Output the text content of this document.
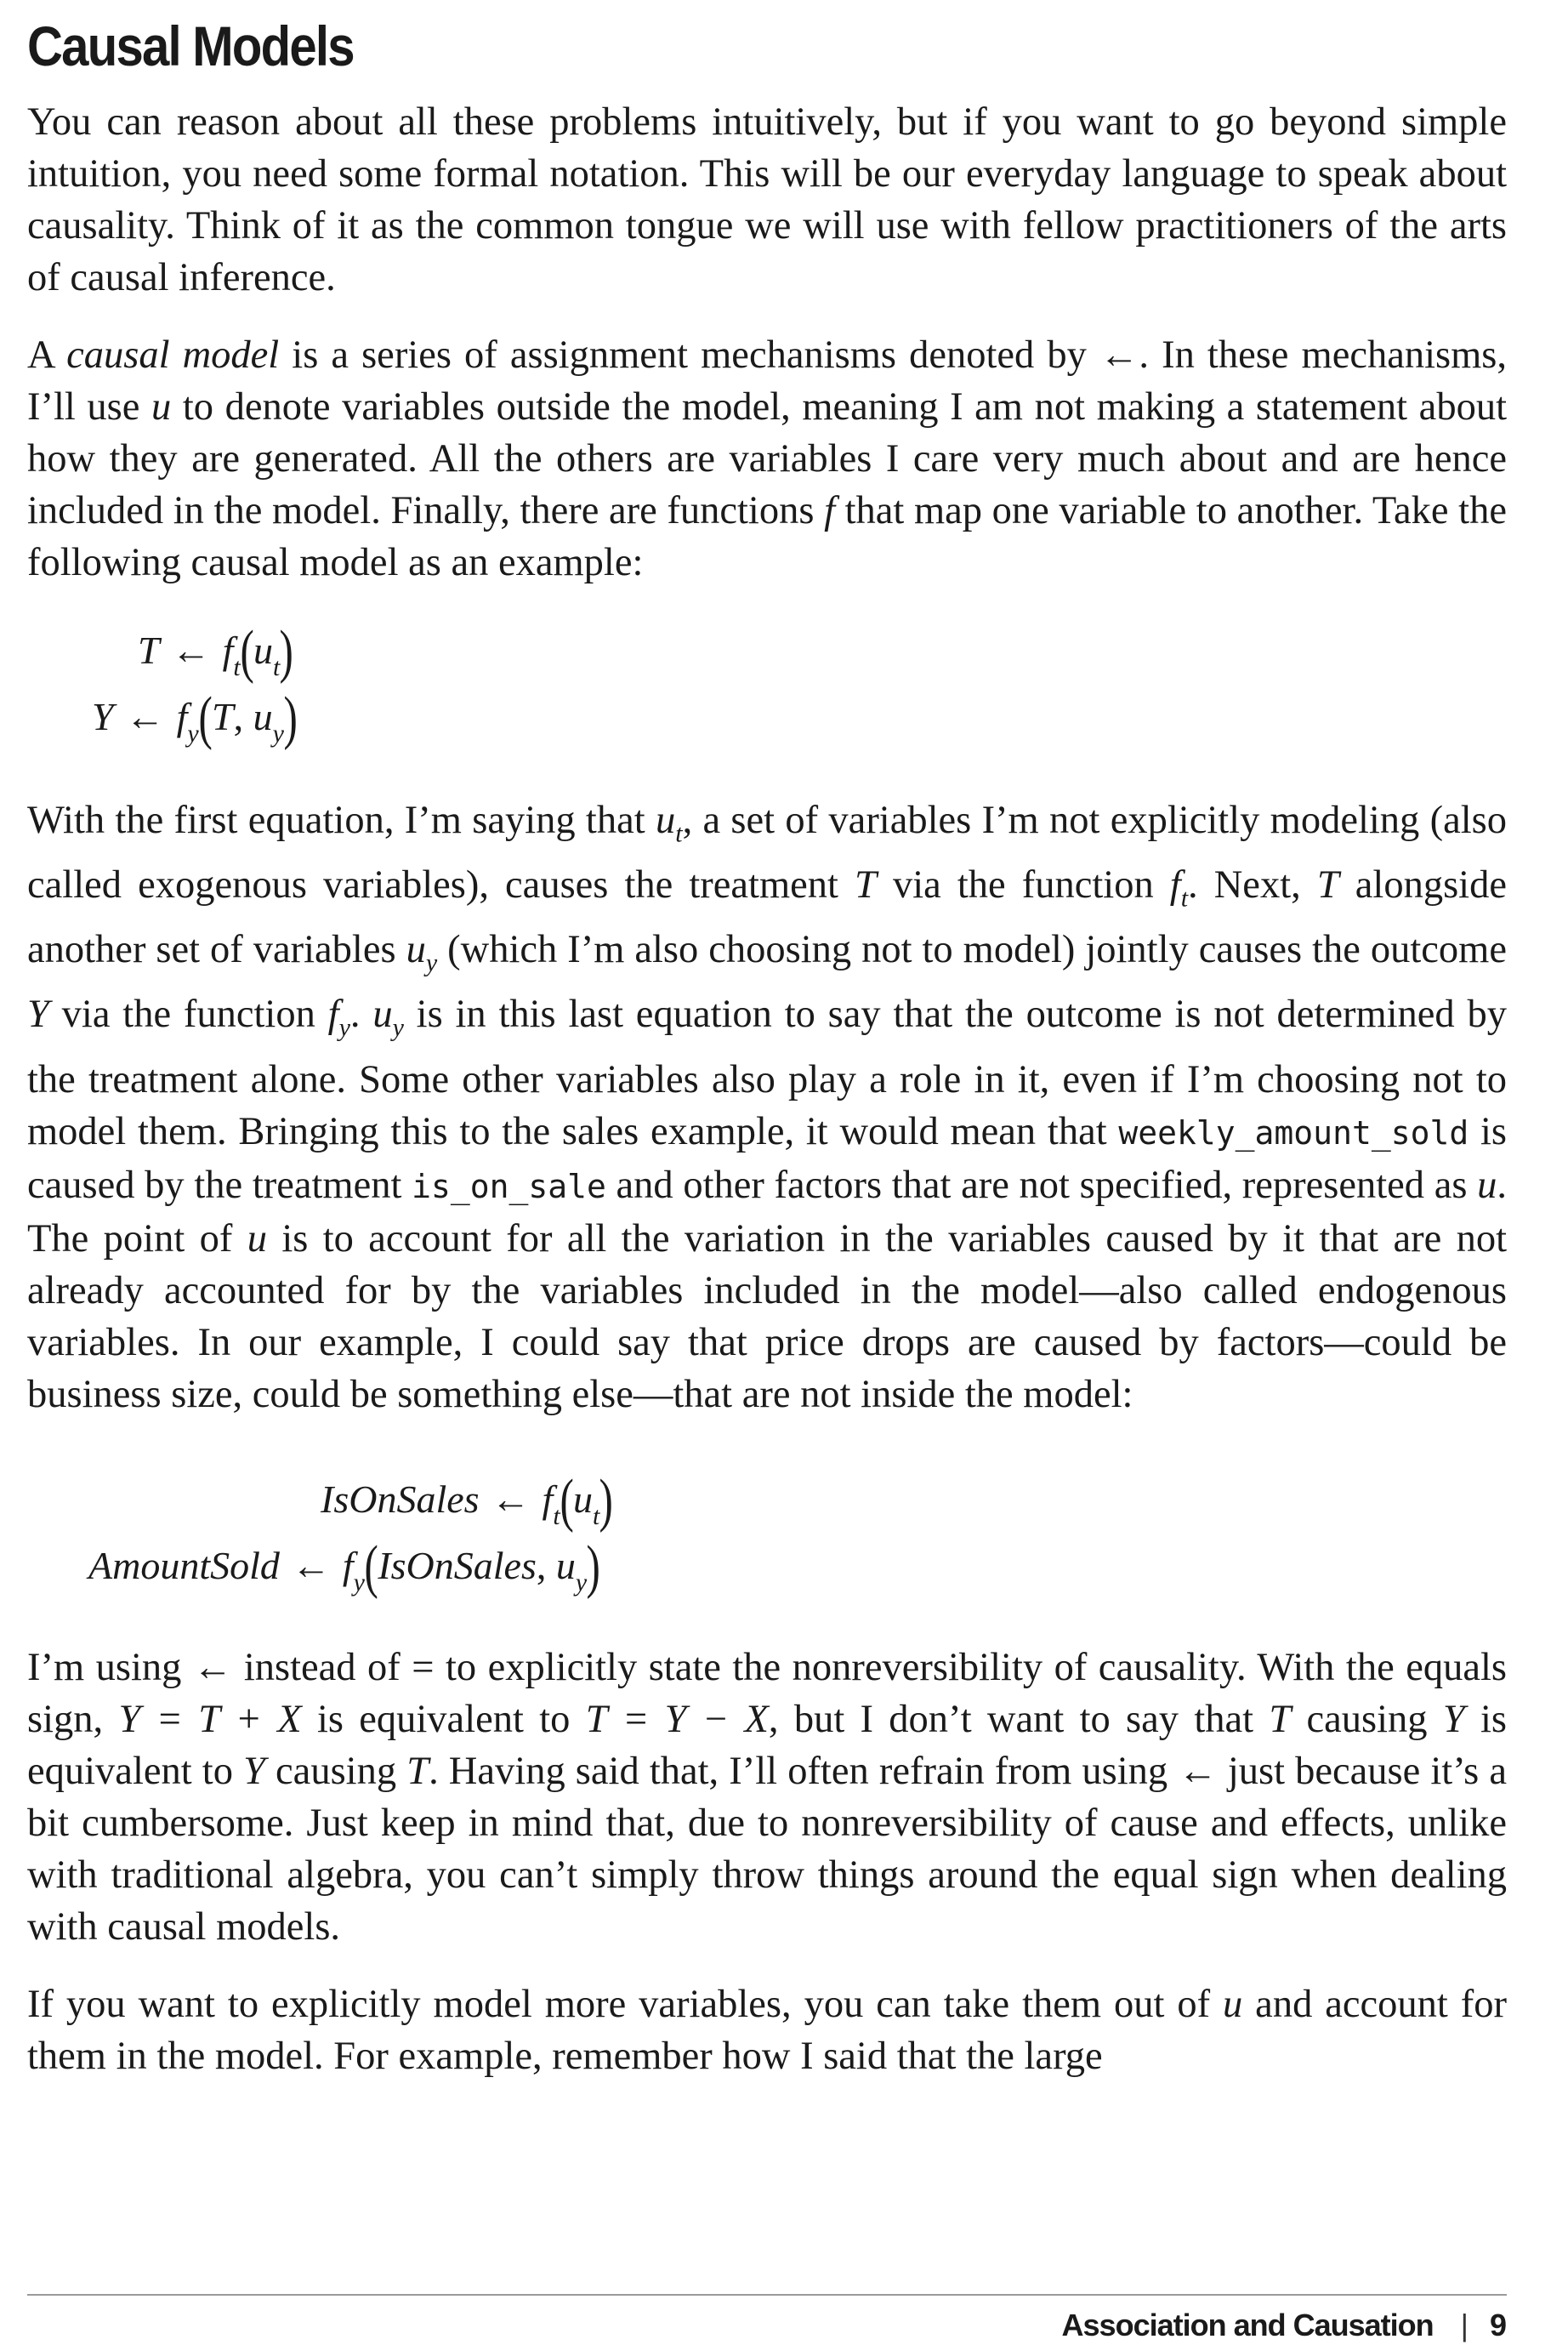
Causal Models

You can reason about all these problems intuitively, but if you want to go beyond simple intuition, you need some formal notation. This will be our everyday language to speak about causality. Think of it as the common tongue we will use with fellow practitioners of the arts of causal inference.

A causal model is a series of assignment mechanisms denoted by ←. In these mechanisms, I’ll use u to denote variables outside the model, meaning I am not making a statement about how they are generated. All the others are variables I care very much about and are hence included in the model. Finally, there are functions f that map one variable to another. Take the following causal model as an example:

T ← $f_t(u_t)$
Y ← $f_y(T$, $u_y$)

With the first equation, I’m saying that $u_t$, a set of variables I’m not explicitly modeling (also called exogenous variables), causes the treatment T via the function $f_t$. Next, T alongside another set of variables $u_y$ (which I’m also choosing not to model) jointly causes the outcome Y via the function $f_y$. $u_y$ is in this last equation to say that the outcome is not determined by the treatment alone. Some other variables also play a role in it, even if I’m choosing not to model them. Bringing this to the sales example, it would mean that weekly_amount_sold is caused by the treatment is_on_sale and other factors that are not specified, represented as u. The point of u is to account for all the variation in the variables caused by it that are not already accounted for by the variables included in the model—also called endogenous variables. In our example, I could say that price drops are caused by factors—could be business size, could be something else—that are not inside the model:

IsOnSales ← $f_t(u_t)$
AmountSold ← $f_y(IsOnSales$, $u_y$)

I’m using ← instead of = to explicitly state the nonreversibility of causality. With the equals sign, Y = T + X is equivalent to T = Y − X, but I don’t want to say that T causing Y is equivalent to Y causing T. Having said that, I’ll often refrain from using ← just because it’s a bit cumbersome. Just keep in mind that, due to nonreversibility of cause and effects, unlike with traditional algebra, you can’t simply throw things around the equal sign when dealing with causal models.

If you want to explicitly model more variables, you can take them out of u and account for them in the model. For example, remember how I said that the large

Association and Causation | 9
